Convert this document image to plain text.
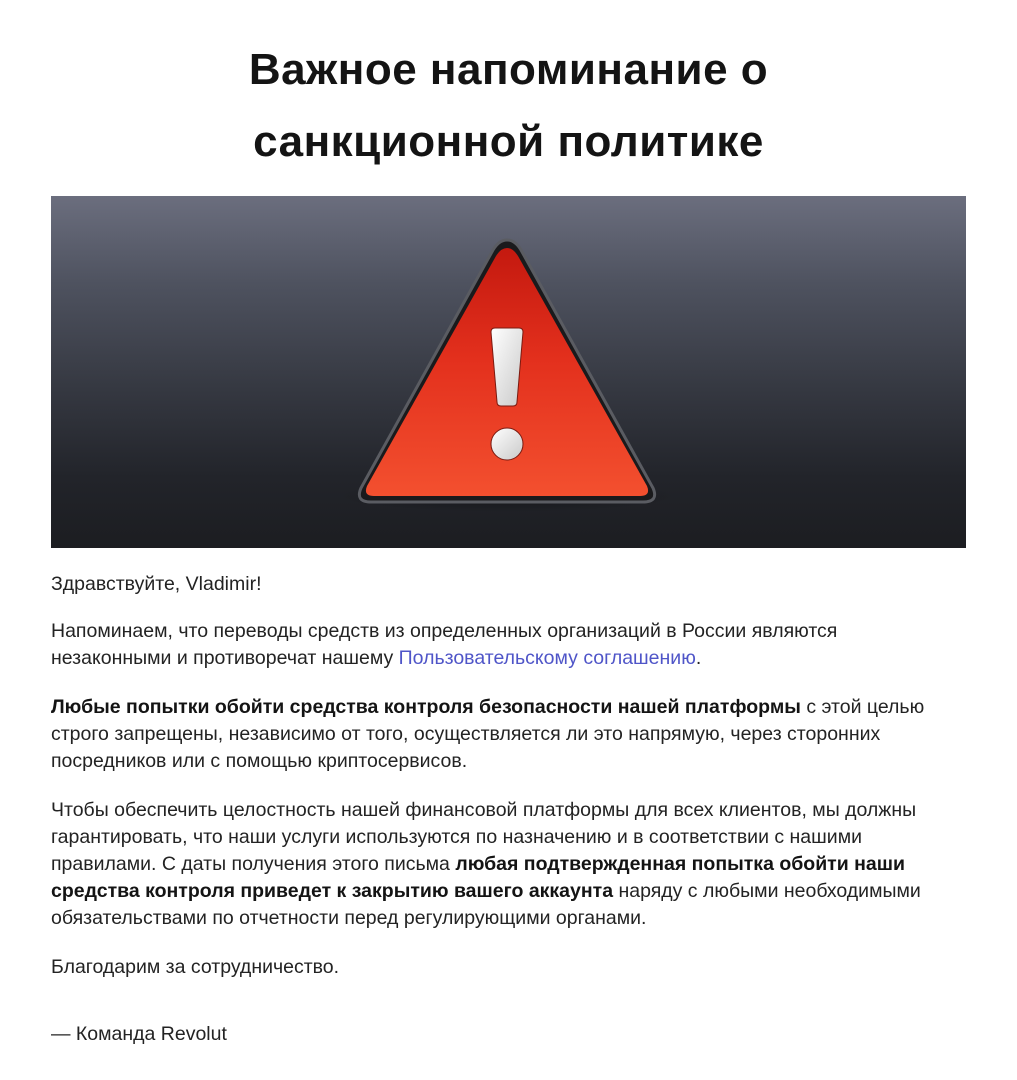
Важное напоминание о
санкционной политике

Здравствуйте, Vladimir!

Напоминаем, что переводы средств из определенных организаций в России являются незаконными и противоречат нашему Пользовательскому соглашению.

Любые попытки обойти средства контроля безопасности нашей платформы с этой целью строго запрещены, независимо от того, осуществляется ли это напрямую, через сторонних посредников или с помощью криптосервисов.

Чтобы обеспечить целостность нашей финансовой платформы для всех клиентов, мы должны гарантировать, что наши услуги используются по назначению и в соответствии с нашими правилами. С даты получения этого письма любая подтвержденная попытка обойти наши средства контроля приведет к закрытию вашего аккаунта наряду с любыми необходимыми обязательствами по отчетности перед регулирующими органами.

Благодарим за сотрудничество.

— Команда Revolut
